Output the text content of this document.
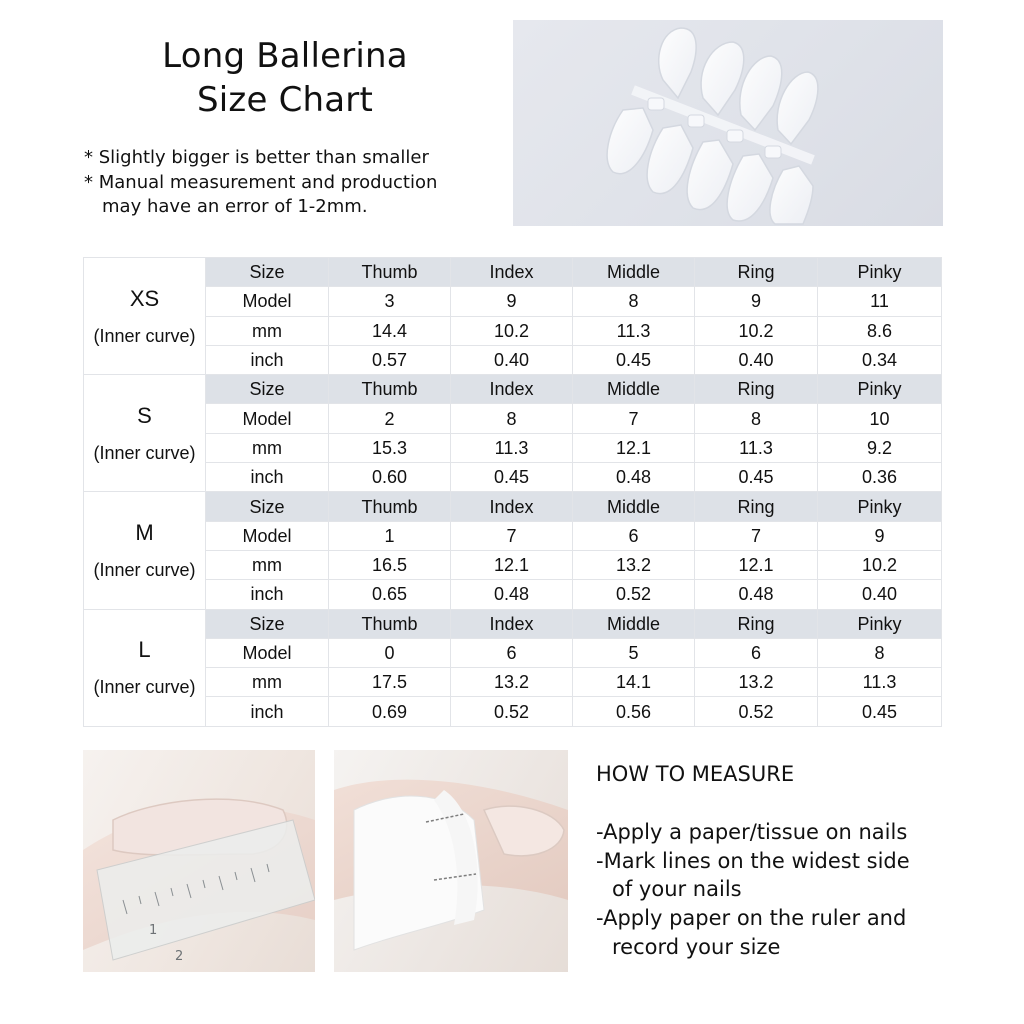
Long Ballerina
Size Chart
* Slightly bigger is better than smaller
* Manual measurement and production
may have an error of 1-2mm.
XS
(Inner curve)	Size	Thumb	Index	Middle	Ring	Pinky
	Model	3	9	8	9	11
	mm	14.4	10.2	11.3	10.2	8.6
	inch	0.57	0.40	0.45	0.40	0.34

S
(Inner curve)	Size	Thumb	Index	Middle	Ring	Pinky
	Model	2	8	7	8	10
	mm	15.3	11.3	12.1	11.3	9.2
	inch	0.60	0.45	0.48	0.45	0.36

M
(Inner curve)	Size	Thumb	Index	Middle	Ring	Pinky
	Model	1	7	6	7	9
	mm	16.5	12.1	13.2	12.1	10.2
	inch	0.65	0.48	0.52	0.48	0.40

L
(Inner curve)	Size	Thumb	Index	Middle	Ring	Pinky
	Model	0	6	5	6	8
	mm	17.5	13.2	14.1	13.2	11.3
	inch	0.69	0.52	0.56	0.52	0.45
1
2
HOW TO MEASURE
-Apply a paper/tissue on nails
-Mark lines on the widest side
of your nails
-Apply paper on the ruler and
record your size
